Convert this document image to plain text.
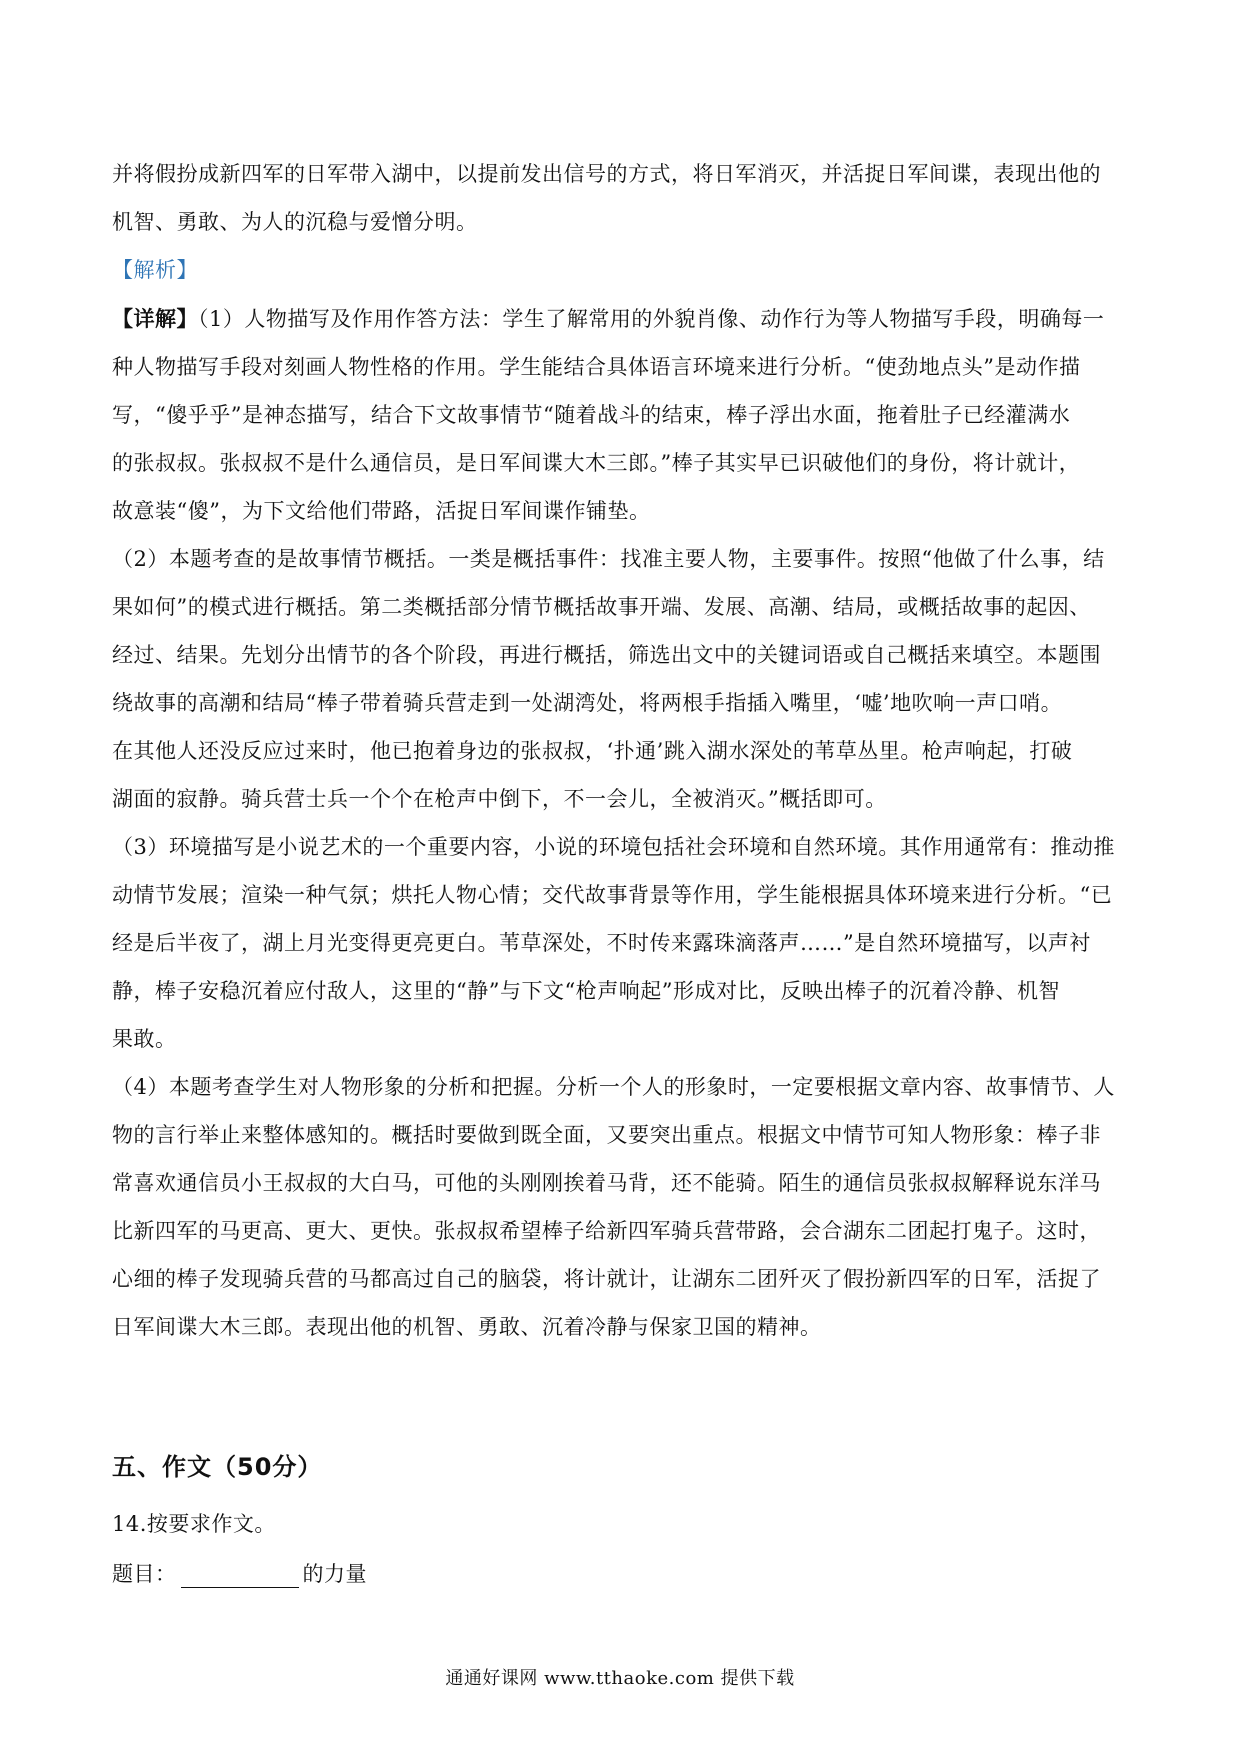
并将假扮成新四军的日军带入湖中，以提前发出信号的方式，将日军消灭，并活捉日军间谍，表现出他的
机智、勇敢、为人的沉稳与爱憎分明。
【解析】
【详解】（1）人物描写及作用作答方法：学生了解常用的外貌肖像、动作行为等人物描写手段，明确每一
种人物描写手段对刻画人物性格的作用。学生能结合具体语言环境来进行分析。“使劲地点头”是动作描
写，“傻乎乎”是神态描写，结合下文故事情节“随着战斗的结束，棒子浮出水面，拖着肚子已经灌满水
的张叔叔。张叔叔不是什么通信员，是日军间谍大木三郎。”棒子其实早已识破他们的身份，将计就计，
故意装“傻”，为下文给他们带路，活捉日军间谍作铺垫。
（2）本题考查的是故事情节概括。一类是概括事件：找准主要人物，主要事件。按照“他做了什么事，结
果如何”的模式进行概括。第二类概括部分情节概括故事开端、发展、高潮、结局，或概括故事的起因、
经过、结果。先划分出情节的各个阶段，再进行概括，筛选出文中的关键词语或自己概括来填空。本题围
绕故事的高潮和结局“棒子带着骑兵营走到一处湖湾处，将两根手指插入嘴里，‘嘘’地吹响一声口哨。
在其他人还没反应过来时，他已抱着身边的张叔叔，‘扑通’跳入湖水深处的苇草丛里。枪声响起，打破
湖面的寂静。骑兵营士兵一个个在枪声中倒下，不一会儿，全被消灭。”概括即可。
（3）环境描写是小说艺术的一个重要内容，小说的环境包括社会环境和自然环境。其作用通常有：推动推
动情节发展；渲染一种气氛；烘托人物心情；交代故事背景等作用，学生能根据具体环境来进行分析。“已
经是后半夜了，湖上月光变得更亮更白。苇草深处，不时传来露珠滴落声……”是自然环境描写，以声衬
静，棒子安稳沉着应付敌人，这里的“静”与下文“枪声响起”形成对比，反映出棒子的沉着冷静、机智
果敢。
（4）本题考查学生对人物形象的分析和把握。分析一个人的形象时，一定要根据文章内容、故事情节、人
物的言行举止来整体感知的。概括时要做到既全面，又要突出重点。根据文中情节可知人物形象：棒子非
常喜欢通信员小王叔叔的大白马，可他的头刚刚挨着马背，还不能骑。陌生的通信员张叔叔解释说东洋马
比新四军的马更高、更大、更快。张叔叔希望棒子给新四军骑兵营带路，会合湖东二团起打鬼子。这时，
心细的棒子发现骑兵营的马都高过自己的脑袋，将计就计，让湖东二团歼灭了假扮新四军的日军，活捉了
日军间谍大木三郎。表现出他的机智、勇敢、沉着冷静与保家卫国的精神。
五、作文（50分）
14.按要求作文。
题目：	的力量
通通好课网 www.tthaoke.com 提供下载
